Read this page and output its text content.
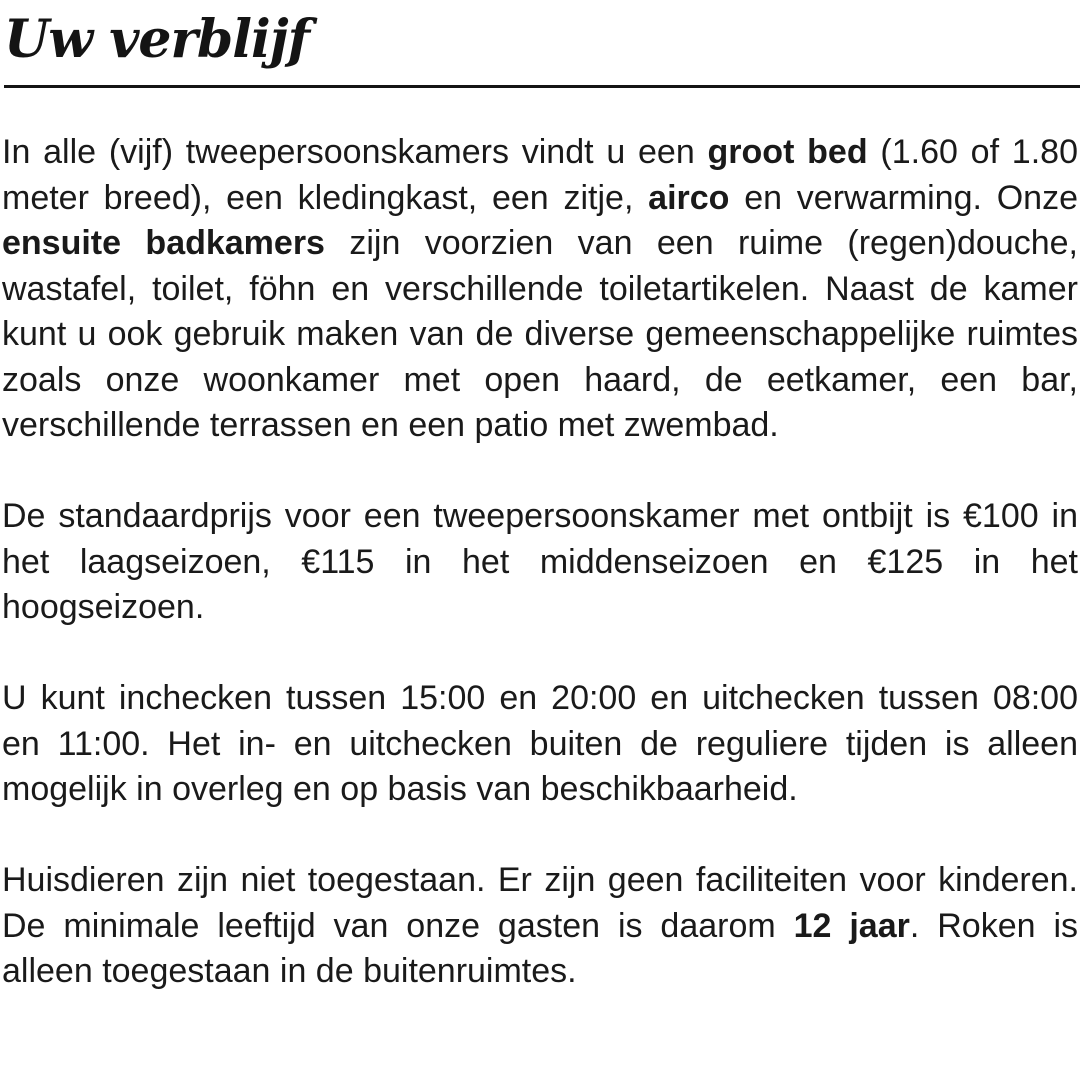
Uw verblijf

In alle (vijf) tweepersoonskamers vindt u een groot bed (1.60 of 1.80 meter breed), een kledingkast, een zitje, airco en verwarming. Onze ensuite badkamers zijn voorzien van een ruime (regen)douche, wastafel, toilet, föhn en verschillende toiletartikelen. Naast de kamer kunt u ook gebruik maken van de diverse gemeenschappelijke ruimtes zoals onze woonkamer met open haard, de eetkamer, een bar, verschillende terrassen en een patio met zwembad.

De standaardprijs voor een tweepersoonskamer met ontbijt is €100 in het laagseizoen, €115 in het middenseizoen en €125 in het hoogseizoen.

U kunt inchecken tussen 15:00 en 20:00 en uitchecken tussen 08:00 en 11:00. Het in- en uitchecken buiten de reguliere tijden is alleen mogelijk in overleg en op basis van beschikbaarheid.

Huisdieren zijn niet toegestaan. Er zijn geen faciliteiten voor kinderen. De minimale leeftijd van onze gasten is daarom 12 jaar. Roken is alleen toegestaan in de buitenruimtes.
